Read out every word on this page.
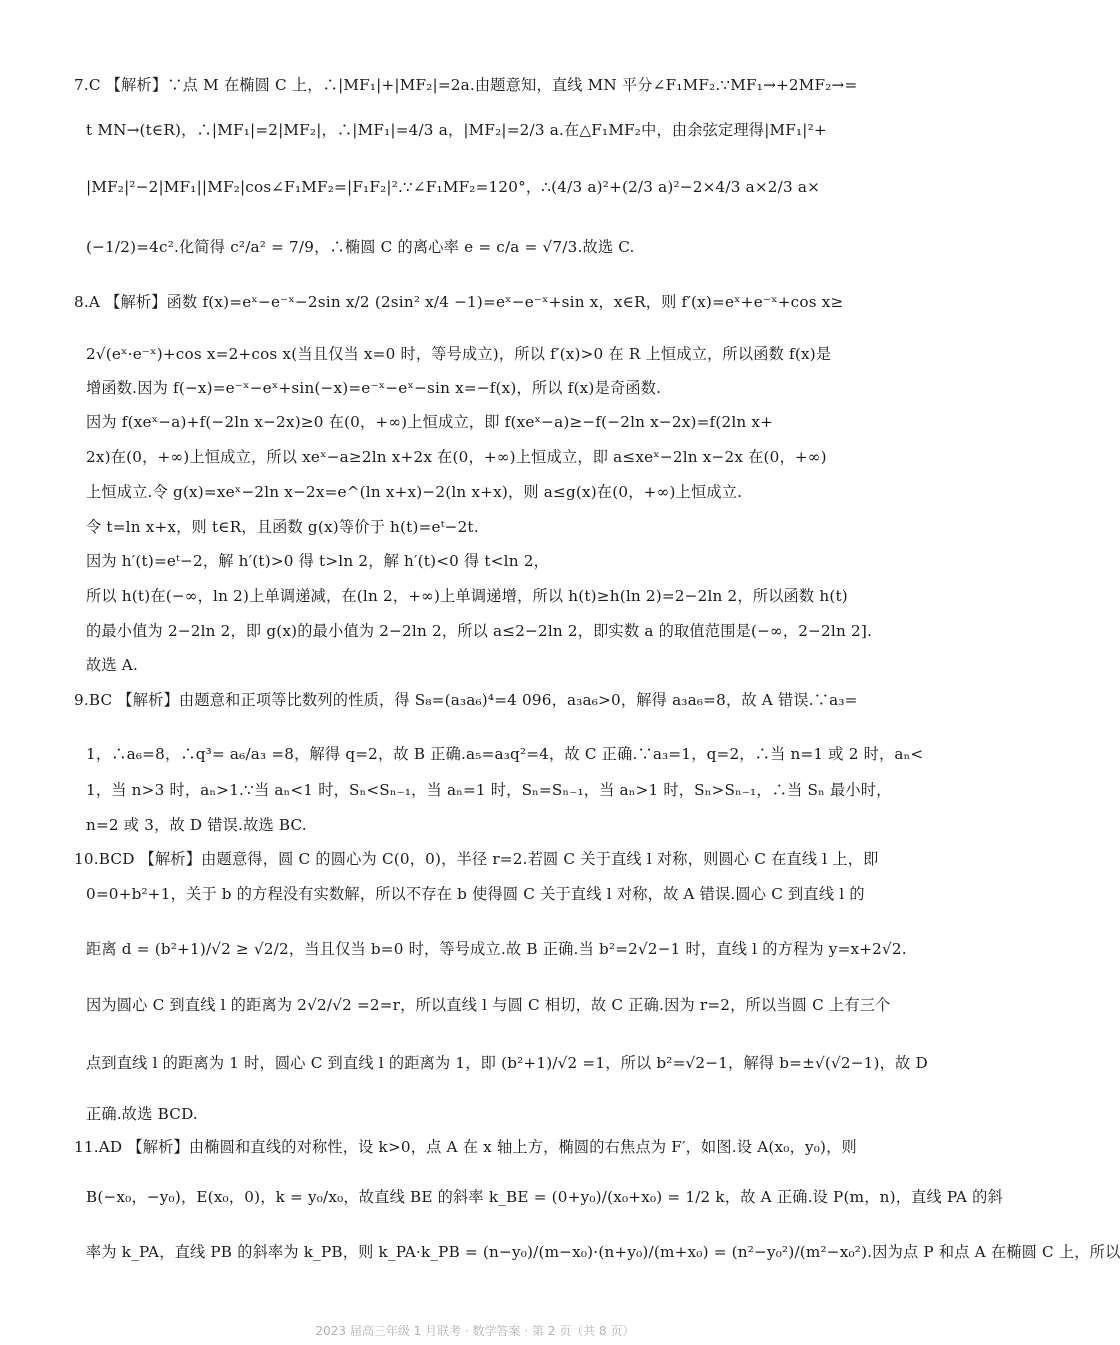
7.C 【解析】∵点 M 在椭圆 C 上，∴|MF₁|+|MF₂|=2a.由题意知，直线 MN 平分∠F₁MF₂.∵MF₁→+2MF₂→=
t MN→(t∈R)，∴|MF₁|=2|MF₂|，∴|MF₁|=4/3 a，|MF₂|=2/3 a.在△F₁MF₂中，由余弦定理得|MF₁|²+
|MF₂|²−2|MF₁||MF₂|cos∠F₁MF₂=|F₁F₂|².∵∠F₁MF₂=120°，∴(4/3 a)²+(2/3 a)²−2×4/3 a×2/3 a×
(−1/2)=4c².化简得 c²/a² = 7/9，∴椭圆 C 的离心率 e = c/a = √7/3.故选 C.
8.A 【解析】函数 f(x)=eˣ−e⁻ˣ−2sin x/2 (2sin² x/4 −1)=eˣ−e⁻ˣ+sin x，x∈R，则 f′(x)=eˣ+e⁻ˣ+cos x≥
2√(eˣ·e⁻ˣ)+cos x=2+cos x(当且仅当 x=0 时，等号成立)，所以 f′(x)>0 在 R 上恒成立，所以函数 f(x)是
增函数.因为 f(−x)=e⁻ˣ−eˣ+sin(−x)=e⁻ˣ−eˣ−sin x=−f(x)，所以 f(x)是奇函数.
因为 f(xeˣ−a)+f(−2ln x−2x)≥0 在(0，+∞)上恒成立，即 f(xeˣ−a)≥−f(−2ln x−2x)=f(2ln x+
2x)在(0，+∞)上恒成立，所以 xeˣ−a≥2ln x+2x 在(0，+∞)上恒成立，即 a≤xeˣ−2ln x−2x 在(0，+∞)
上恒成立.令 g(x)=xeˣ−2ln x−2x=e^(ln x+x)−2(ln x+x)，则 a≤g(x)在(0，+∞)上恒成立.
令 t=ln x+x，则 t∈R，且函数 g(x)等价于 h(t)=eᵗ−2t.
因为 h′(t)=eᵗ−2，解 h′(t)>0 得 t>ln 2，解 h′(t)<0 得 t<ln 2，
所以 h(t)在(−∞，ln 2)上单调递减，在(ln 2，+∞)上单调递增，所以 h(t)≥h(ln 2)=2−2ln 2，所以函数 h(t)
的最小值为 2−2ln 2，即 g(x)的最小值为 2−2ln 2，所以 a≤2−2ln 2，即实数 a 的取值范围是(−∞，2−2ln 2].
故选 A.
9.BC 【解析】由题意和正项等比数列的性质，得 S₈=(a₃a₆)⁴=4 096，a₃a₆>0，解得 a₃a₆=8，故 A 错误.∵a₃=
1，∴a₆=8，∴q³= a₆/a₃ =8，解得 q=2，故 B 正确.a₅=a₃q²=4，故 C 正确.∵a₃=1，q=2，∴当 n=1 或 2 时，aₙ<
1，当 n>3 时，aₙ>1.∵当 aₙ<1 时，Sₙ<Sₙ₋₁，当 aₙ=1 时，Sₙ=Sₙ₋₁，当 aₙ>1 时，Sₙ>Sₙ₋₁，∴当 Sₙ 最小时，
n=2 或 3，故 D 错误.故选 BC.
10.BCD 【解析】由题意得，圆 C 的圆心为 C(0，0)，半径 r=2.若圆 C 关于直线 l 对称，则圆心 C 在直线 l 上，即
0=0+b²+1，关于 b 的方程没有实数解，所以不存在 b 使得圆 C 关于直线 l 对称，故 A 错误.圆心 C 到直线 l 的
距离 d = (b²+1)/√2 ≥ √2/2，当且仅当 b=0 时，等号成立.故 B 正确.当 b²=2√2−1 时，直线 l 的方程为 y=x+2√2.
因为圆心 C 到直线 l 的距离为 2√2/√2 =2=r，所以直线 l 与圆 C 相切，故 C 正确.因为 r=2，所以当圆 C 上有三个
点到直线 l 的距离为 1 时，圆心 C 到直线 l 的距离为 1，即 (b²+1)/√2 =1，所以 b²=√2−1，解得 b=±√(√2−1)，故 D
正确.故选 BCD.
11.AD 【解析】由椭圆和直线的对称性，设 k>0，点 A 在 x 轴上方，椭圆的右焦点为 F′，如图.设 A(x₀，y₀)，则
B(−x₀，−y₀)，E(x₀，0)，k = y₀/x₀，故直线 BE 的斜率 k_BE = (0+y₀)/(x₀+x₀) = 1/2 k，故 A 正确.设 P(m，n)，直线 PA 的斜
率为 k_PA，直线 PB 的斜率为 k_PB，则 k_PA·k_PB = (n−y₀)/(m−x₀)·(n+y₀)/(m+x₀) = (n²−y₀²)/(m²−x₀²).因为点 P 和点 A 在椭圆 C 上，所以
2023 届高三年级 1 月联考 · 数学答案 · 第 2 页（共 8 页）
